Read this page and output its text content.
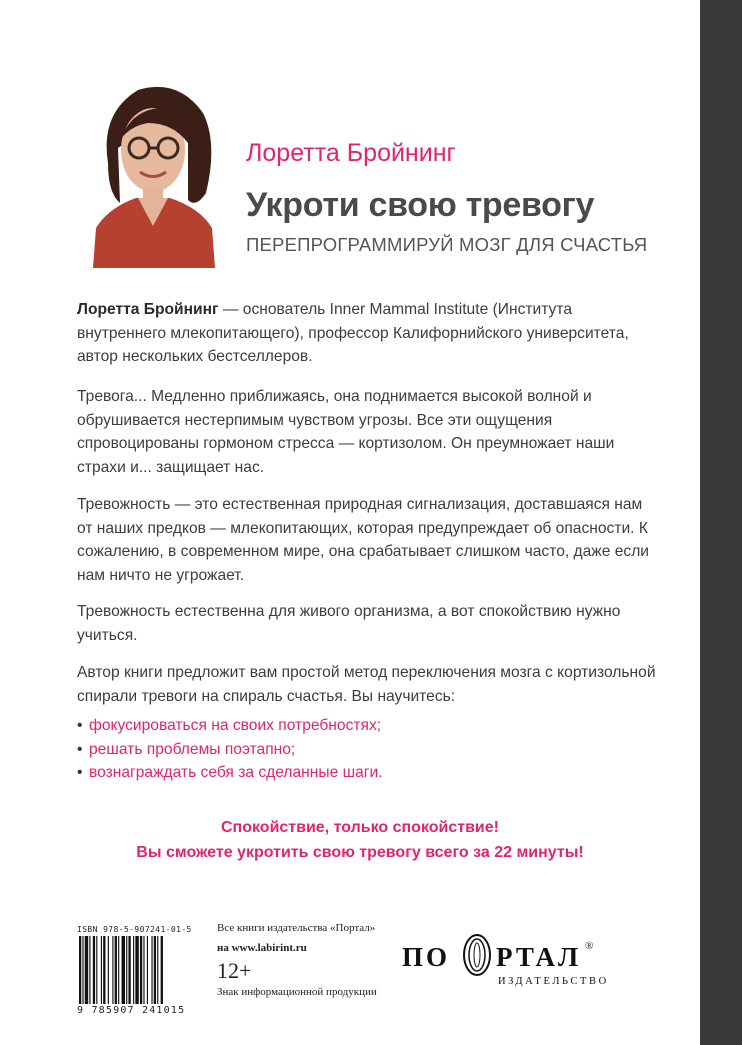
Лоретта Бройнинг
Укроти свою тревогу
ПЕРЕПРОГРАММИРУЙ МОЗГ ДЛЯ СЧАСТЬЯ

Лоретта Бройнинг — основатель Inner Mammal Institute (Института внутреннего млекопитающего), профессор Калифорнийского университета, автор нескольких бестселлеров.

Тревога... Медленно приближаясь, она поднимается высокой волной и обрушивается нестерпимым чувством угрозы. Все эти ощущения спровоцированы гормоном стресса — кортизолом. Он преумножает наши страхи и... защищает нас.

Тревожность — это естественная природная сигнализация, доставшаяся нам от наших предков — млекопитающих, которая предупреждает об опасности. К сожалению, в современном мире, она срабатывает слишком часто, даже если нам ничто не угрожает.

Тревожность естественна для живого организма, а вот спокойствию нужно учиться.

Автор книги предложит вам простой метод переключения мозга с кортизольной спирали тревоги на спираль счастья. Вы научитесь:

• фокусироваться на своих потребностях;
• решать проблемы поэтапно;
• вознаграждать себя за сделанные шаги.
Спокойствие, только спокойствие!
Вы сможете укротить свою тревогу всего за 22 минуты!
ISBN 978-5-907241-01-5
9 785907 241015
Все книги издательства «Портал»
на www.labirint.ru
12+
Знак информационной продукции
ПО РТАЛ ®
ИЗДАТЕЛЬСТВО
